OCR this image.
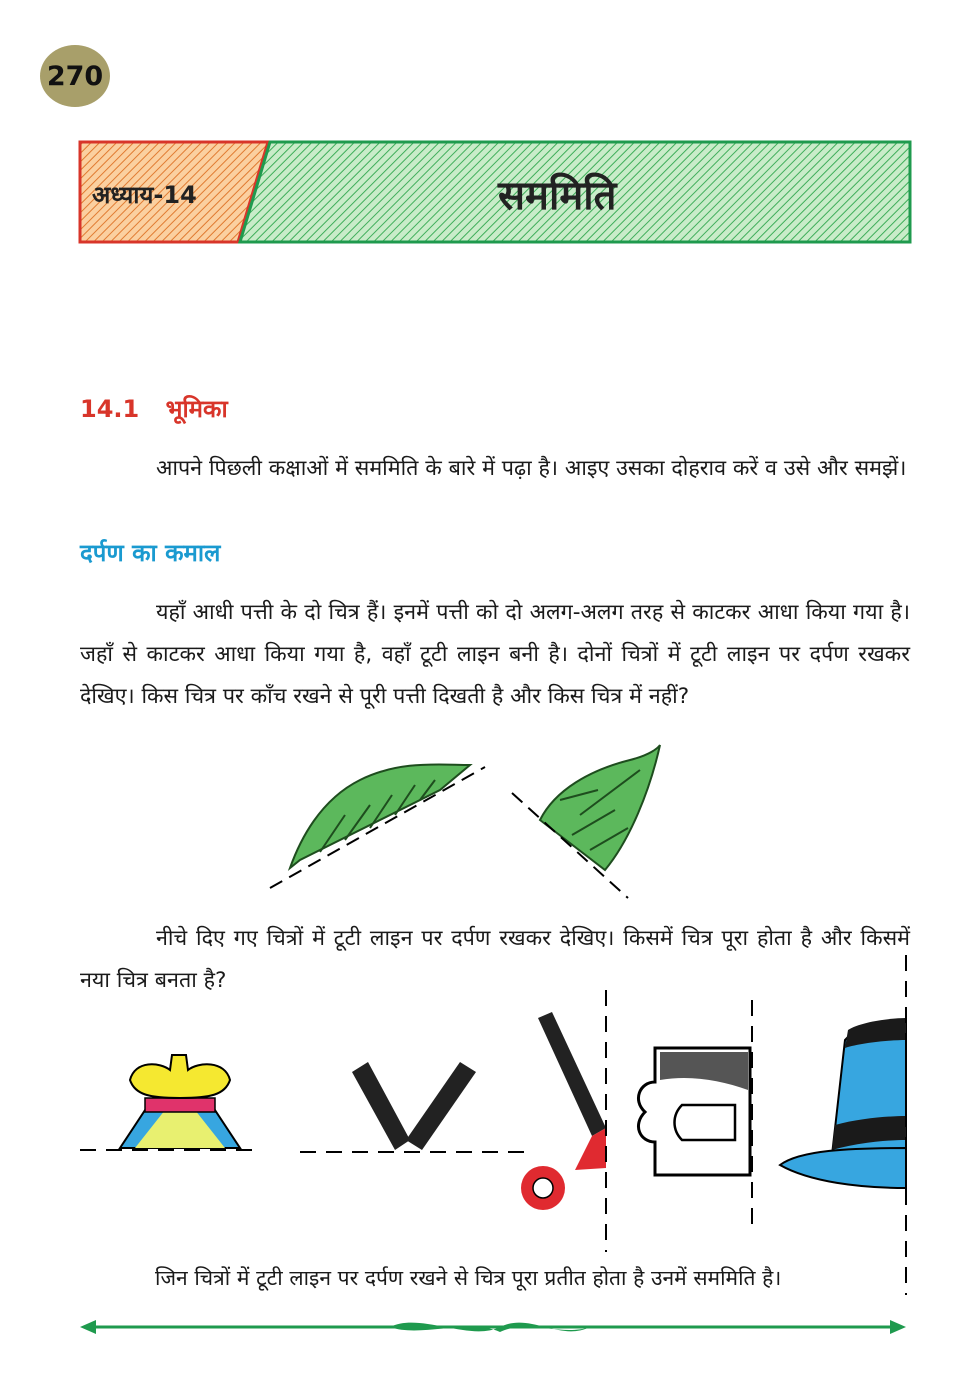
270
अध्याय-14	सममिति
14.1 भूमिका
आपने पिछली कक्षाओं में सममिति के बारे में पढ़ा है। आइए उसका दोहराव करें व उसे और समझें।
दर्पण का कमाल
यहाँ आधी पत्ती के दो चित्र हैं। इनमें पत्ती को दो अलग-अलग तरह से काटकर आधा किया गया है। जहाँ से काटकर आधा किया गया है, वहाँ टूटी लाइन बनी है। दोनों चित्रों में टूटी लाइन पर दर्पण रखकर देखिए। किस चित्र पर काँच रखने से पूरी पत्ती दिखती है और किस चित्र में नहीं?
नीचे दिए गए चित्रों में टूटी लाइन पर दर्पण रखकर देखिए। किसमें चित्र पूरा होता है और किसमें नया चित्र बनता है?
जिन चित्रों में टूटी लाइन पर दर्पण रखने से चित्र पूरा प्रतीत होता है उनमें सममिति है।
